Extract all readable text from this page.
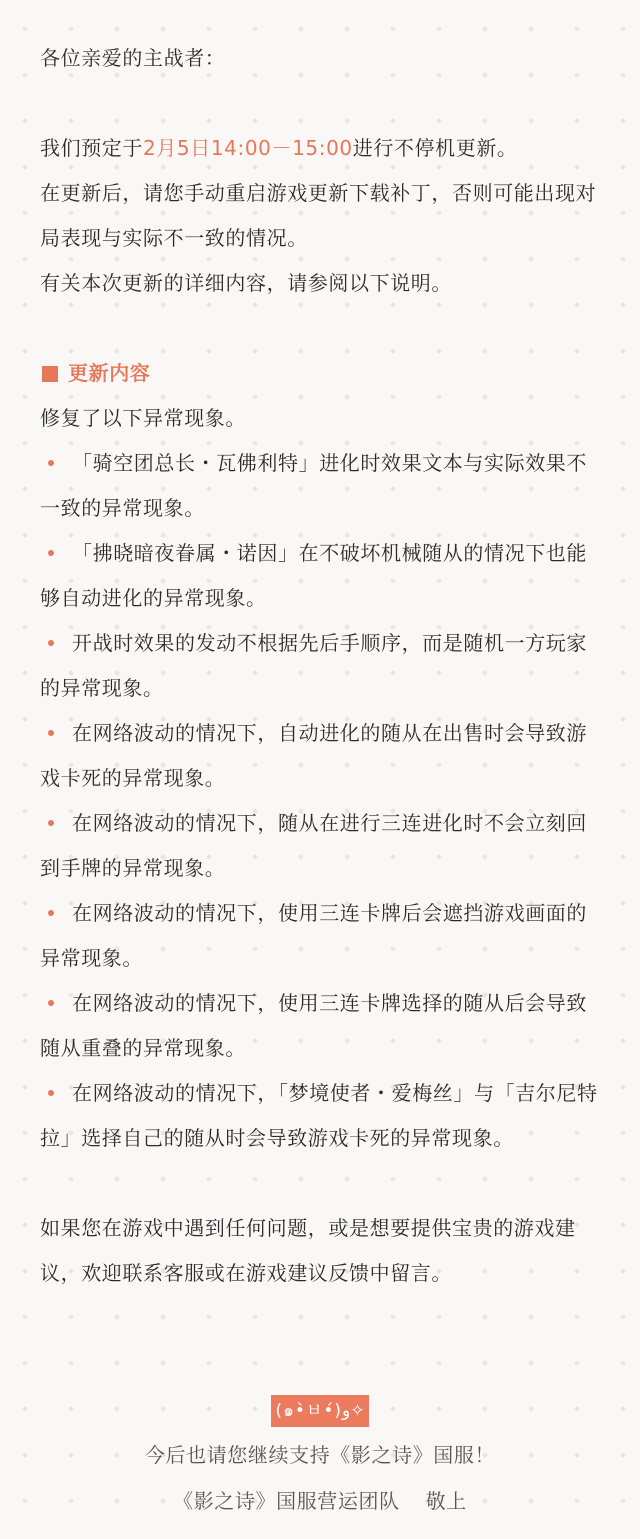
各位亲爱的主战者：

我们预定于2月5日14:00－15:00进行不停机更新。

在更新后，请您手动重启游戏更新下载补丁，否则可能出现对局表现与实际不一致的情况。

有关本次更新的详细内容，请参阅以下说明。

更新内容

修复了以下异常现象。

「骑空团总长・瓦佛利特」进化时效果文本与实际效果不一致的异常现象。

「拂晓暗夜眷属・诺因」在不破坏机械随从的情况下也能够自动进化的异常现象。

开战时效果的发动不根据先后手顺序，而是随机一方玩家的异常现象。

在网络波动的情况下，自动进化的随从在出售时会导致游戏卡死的异常现象。

在网络波动的情况下，随从在进行三连进化时不会立刻回到手牌的异常现象。

在网络波动的情况下，使用三连卡牌后会遮挡游戏画面的异常现象。

在网络波动的情况下，使用三连卡牌选择的随从后会导致随从重叠的异常现象。

在网络波动的情况下，「梦境使者・爱梅丝」与「吉尔尼特拉」选择自己的随从时会导致游戏卡死的异常现象。

如果您在游戏中遇到任何问题，或是想要提供宝贵的游戏建议，欢迎联系客服或在游戏建议反馈中留言。

(๑•̀ㅂ•́)و✧
今后也请您继续支持《影之诗》国服！
《影之诗》国服营运团队 敬上
